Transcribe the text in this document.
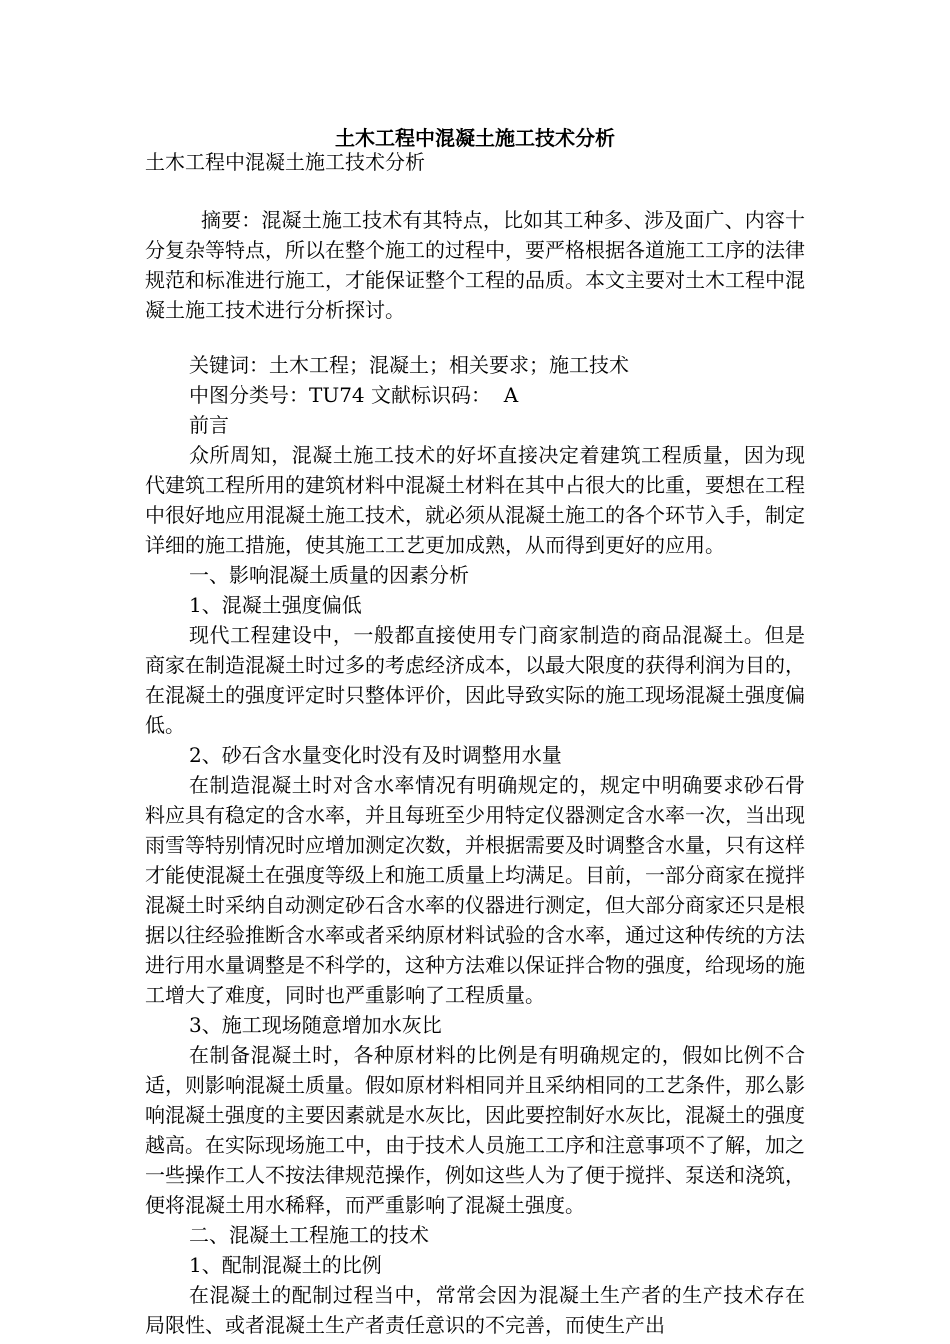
土木工程中混凝土施工技术分析

土木工程中混凝土施工技术分析

摘要：混凝土施工技术有其特点，比如其工种多、涉及面广、内容十分复杂等特点，所以在整个施工的过程中，要严格根据各道施工工序的法律规范和标准进行施工，才能保证整个工程的品质。本文主要对土木工程中混凝土施工技术进行分析探讨。

关键词：土木工程；混凝土；相关要求；施工技术

中图分类号：TU74 文献标识码：  A

前言

众所周知，混凝土施工技术的好坏直接决定着建筑工程质量，因为现代建筑工程所用的建筑材料中混凝土材料在其中占很大的比重，要想在工程中很好地应用混凝土施工技术，就必须从混凝土施工的各个环节入手，制定详细的施工措施，使其施工工艺更加成熟，从而得到更好的应用。

一、影响混凝土质量的因素分析

1、混凝土强度偏低

现代工程建设中，一般都直接使用专门商家制造的商品混凝土。但是商家在制造混凝土时过多的考虑经济成本，以最大限度的获得利润为目的，在混凝土的强度评定时只整体评价，因此导致实际的施工现场混凝土强度偏低。

2、砂石含水量变化时没有及时调整用水量

在制造混凝土时对含水率情况有明确规定的，规定中明确要求砂石骨料应具有稳定的含水率，并且每班至少用特定仪器测定含水率一次，当出现雨雪等特别情况时应增加测定次数，并根据需要及时调整含水量，只有这样才能使混凝土在强度等级上和施工质量上均满足。目前，一部分商家在搅拌混凝土时采纳自动测定砂石含水率的仪器进行测定，但大部分商家还只是根据以往经验推断含水率或者采纳原材料试验的含水率，通过这种传统的方法进行用水量调整是不科学的，这种方法难以保证拌合物的强度，给现场的施工增大了难度，同时也严重影响了工程质量。

3、施工现场随意增加水灰比

在制备混凝土时，各种原材料的比例是有明确规定的，假如比例不合适，则影响混凝土质量。假如原材料相同并且采纳相同的工艺条件，那么影响混凝土强度的主要因素就是水灰比，因此要控制好水灰比，混凝土的强度越高。在实际现场施工中，由于技术人员施工工序和注意事项不了解，加之一些操作工人不按法律规范操作，例如这些人为了便于搅拌、泵送和浇筑，便将混凝土用水稀释，而严重影响了混凝土强度。

二、混凝土工程施工的技术

1、配制混凝土的比例

在混凝土的配制过程当中，常常会因为混凝土生产者的生产技术存在局限性、或者混凝土生产者责任意识的不完善，而使生产出
